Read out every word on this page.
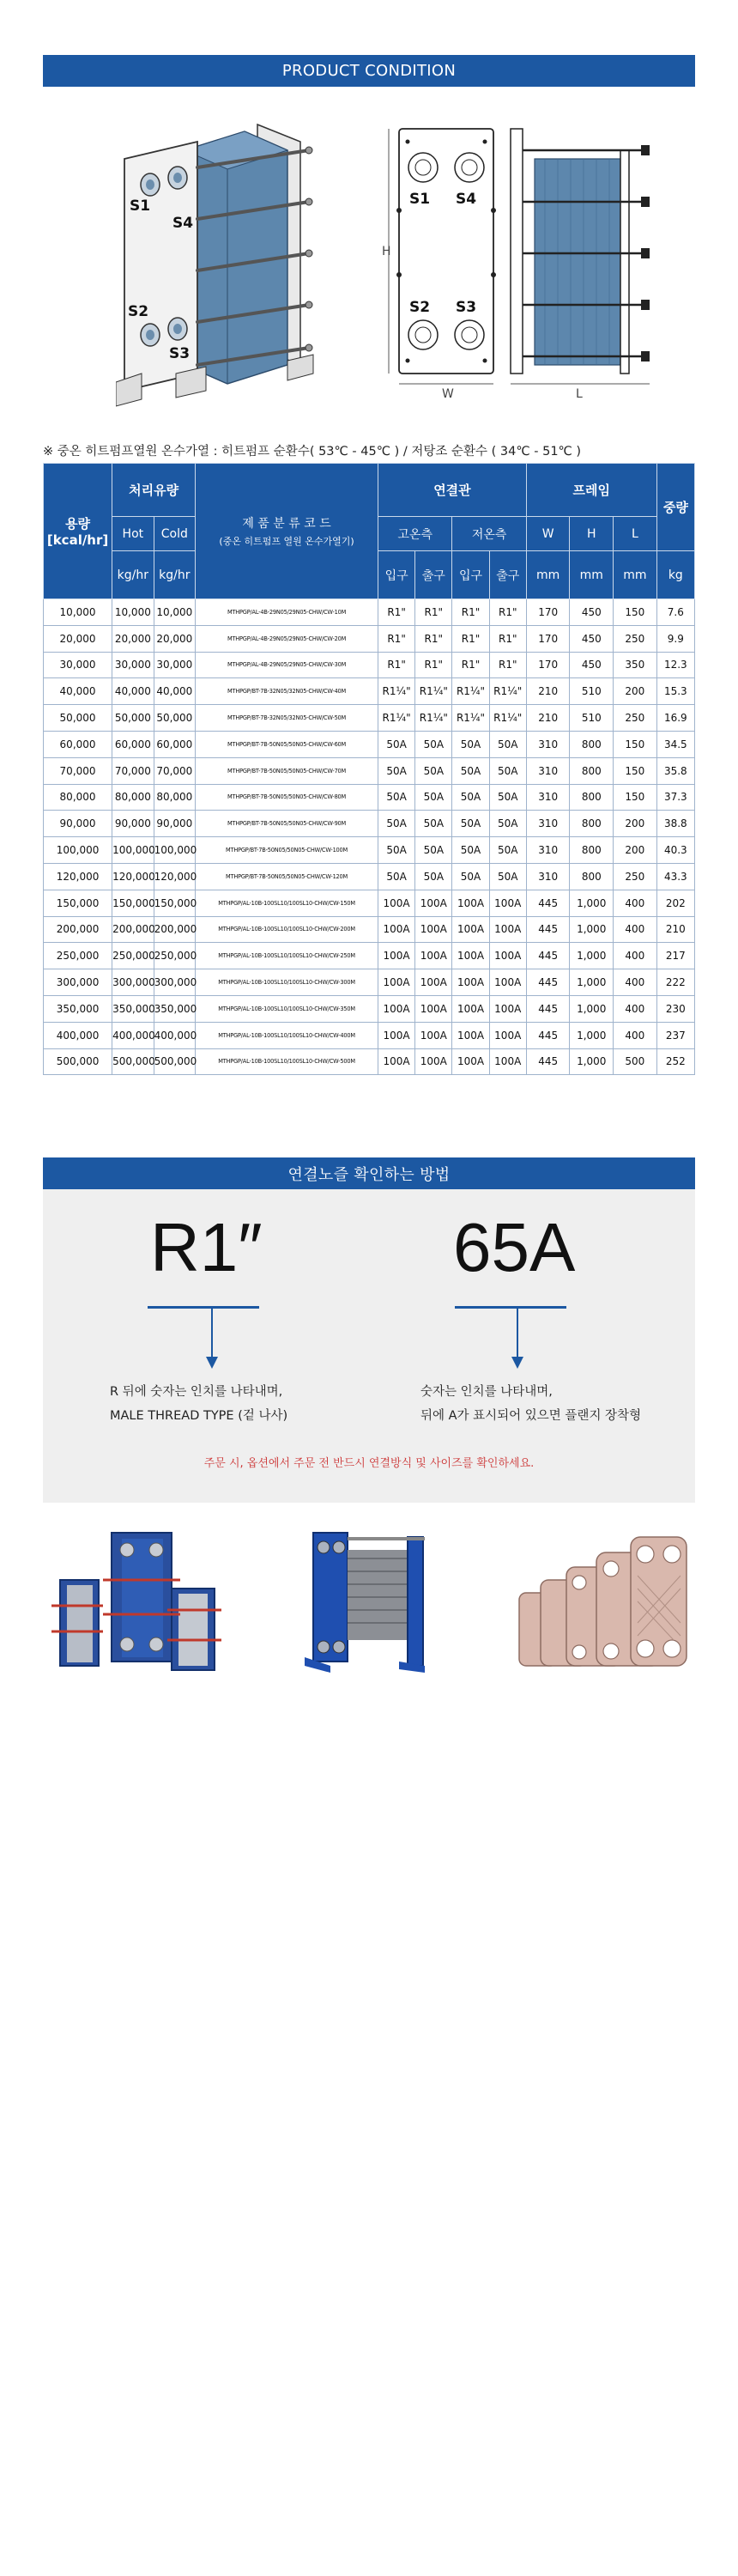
PRODUCT CONDITION
S1
S4
S2
S3
S1 S4
S2 S3
H
W	L
※ 중온 히트펌프열원 온수가열 : 히트펌프 순환수( 53℃ - 45℃ ) / 저탕조 순환수 ( 34℃ - 51℃ )
용량
[kcal/hr]	처리유량		제 품 분 류 코 드
(중온 히트펌프 열원 온수가열기)	연결관				프레임			중량
	Hot	Cold		고온측		저온측		W	H	L	
	kg/hr	kg/hr		입구	출구	입구	출구	mm	mm	mm	kg
10,000	10,000	10,000	MTHPGP/AL-4B-29N05/29N05-CHW/CW-10M	R1"	R1"	R1"	R1"	170	450	150	7.6
20,000	20,000	20,000	MTHPGP/AL-4B-29N05/29N05-CHW/CW-20M	R1"	R1"	R1"	R1"	170	450	250	9.9
30,000	30,000	30,000	MTHPGP/AL-4B-29N05/29N05-CHW/CW-30M	R1"	R1"	R1"	R1"	170	450	350	12.3
40,000	40,000	40,000	MTHPGP/BT-7B-32N05/32N05-CHW/CW-40M	R1¼"	R1¼"	R1¼"	R1¼"	210	510	200	15.3
50,000	50,000	50,000	MTHPGP/BT-7B-32N05/32N05-CHW/CW-50M	R1¼"	R1¼"	R1¼"	R1¼"	210	510	250	16.9
60,000	60,000	60,000	MTHPGP/BT-7B-50N05/50N05-CHW/CW-60M	50A	50A	50A	50A	310	800	150	34.5
70,000	70,000	70,000	MTHPGP/BT-7B-50N05/50N05-CHW/CW-70M	50A	50A	50A	50A	310	800	150	35.8
80,000	80,000	80,000	MTHPGP/BT-7B-50N05/50N05-CHW/CW-80M	50A	50A	50A	50A	310	800	150	37.3
90,000	90,000	90,000	MTHPGP/BT-7B-50N05/50N05-CHW/CW-90M	50A	50A	50A	50A	310	800	200	38.8
100,000	100,000	100,000	MTHPGP/BT-7B-50N05/50N05-CHW/CW-100M	50A	50A	50A	50A	310	800	200	40.3
120,000	120,000	120,000	MTHPGP/BT-7B-50N05/50N05-CHW/CW-120M	50A	50A	50A	50A	310	800	250	43.3
150,000	150,000	150,000	MTHPGP/AL-10B-100SL10/100SL10-CHW/CW-150M	100A	100A	100A	100A	445	1,000	400	202
200,000	200,000	200,000	MTHPGP/AL-10B-100SL10/100SL10-CHW/CW-200M	100A	100A	100A	100A	445	1,000	400	210
250,000	250,000	250,000	MTHPGP/AL-10B-100SL10/100SL10-CHW/CW-250M	100A	100A	100A	100A	445	1,000	400	217
300,000	300,000	300,000	MTHPGP/AL-10B-100SL10/100SL10-CHW/CW-300M	100A	100A	100A	100A	445	1,000	400	222
350,000	350,000	350,000	MTHPGP/AL-10B-100SL10/100SL10-CHW/CW-350M	100A	100A	100A	100A	445	1,000	400	230
400,000	400,000	400,000	MTHPGP/AL-10B-100SL10/100SL10-CHW/CW-400M	100A	100A	100A	100A	445	1,000	400	237
500,000	500,000	500,000	MTHPGP/AL-10B-100SL10/100SL10-CHW/CW-500M	100A	100A	100A	100A	445	1,000	500	252
연결노즐 확인하는 방법
R1″
R 뒤에 숫자는 인치를 나타내며,
MALE THREAD TYPE (겉 나사)
65A
숫자는 인치를 나타내며,
뒤에 A가 표시되어 있으면 플랜지 장착형
주문 시, 옵션에서 주문 전 반드시 연결방식 및 사이즈를 확인하세요.
